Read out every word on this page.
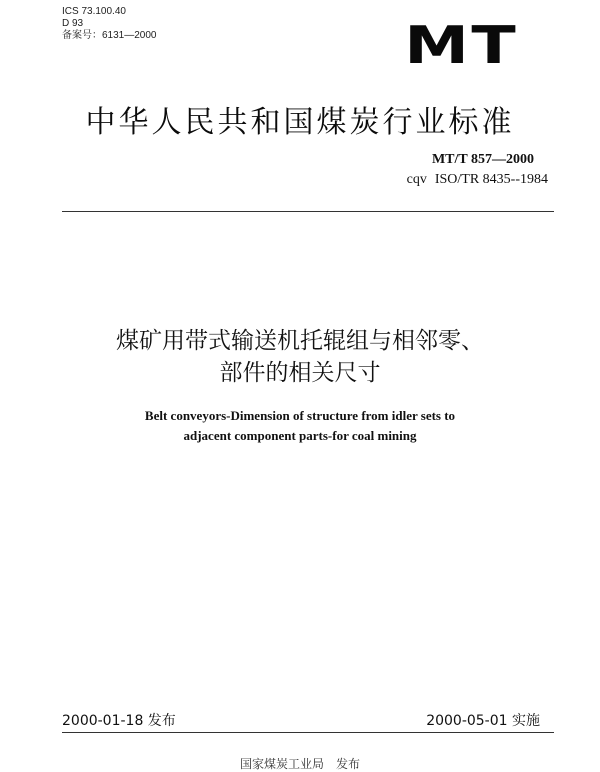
ICS 73.100.40
D 93
备案号：6131—2000	MT
中华人民共和国煤炭行业标准
MT/T 857—2000
cqv ISO/TR 8435--1984
煤矿用带式输送机托辊组与相邻零、
部件的相关尺寸
Belt conveyors-Dimension of structure from idler sets to
adjacent component parts-for coal mining
2000-01-18 发布	2000-05-01 实施
国家煤炭工业局　发布
